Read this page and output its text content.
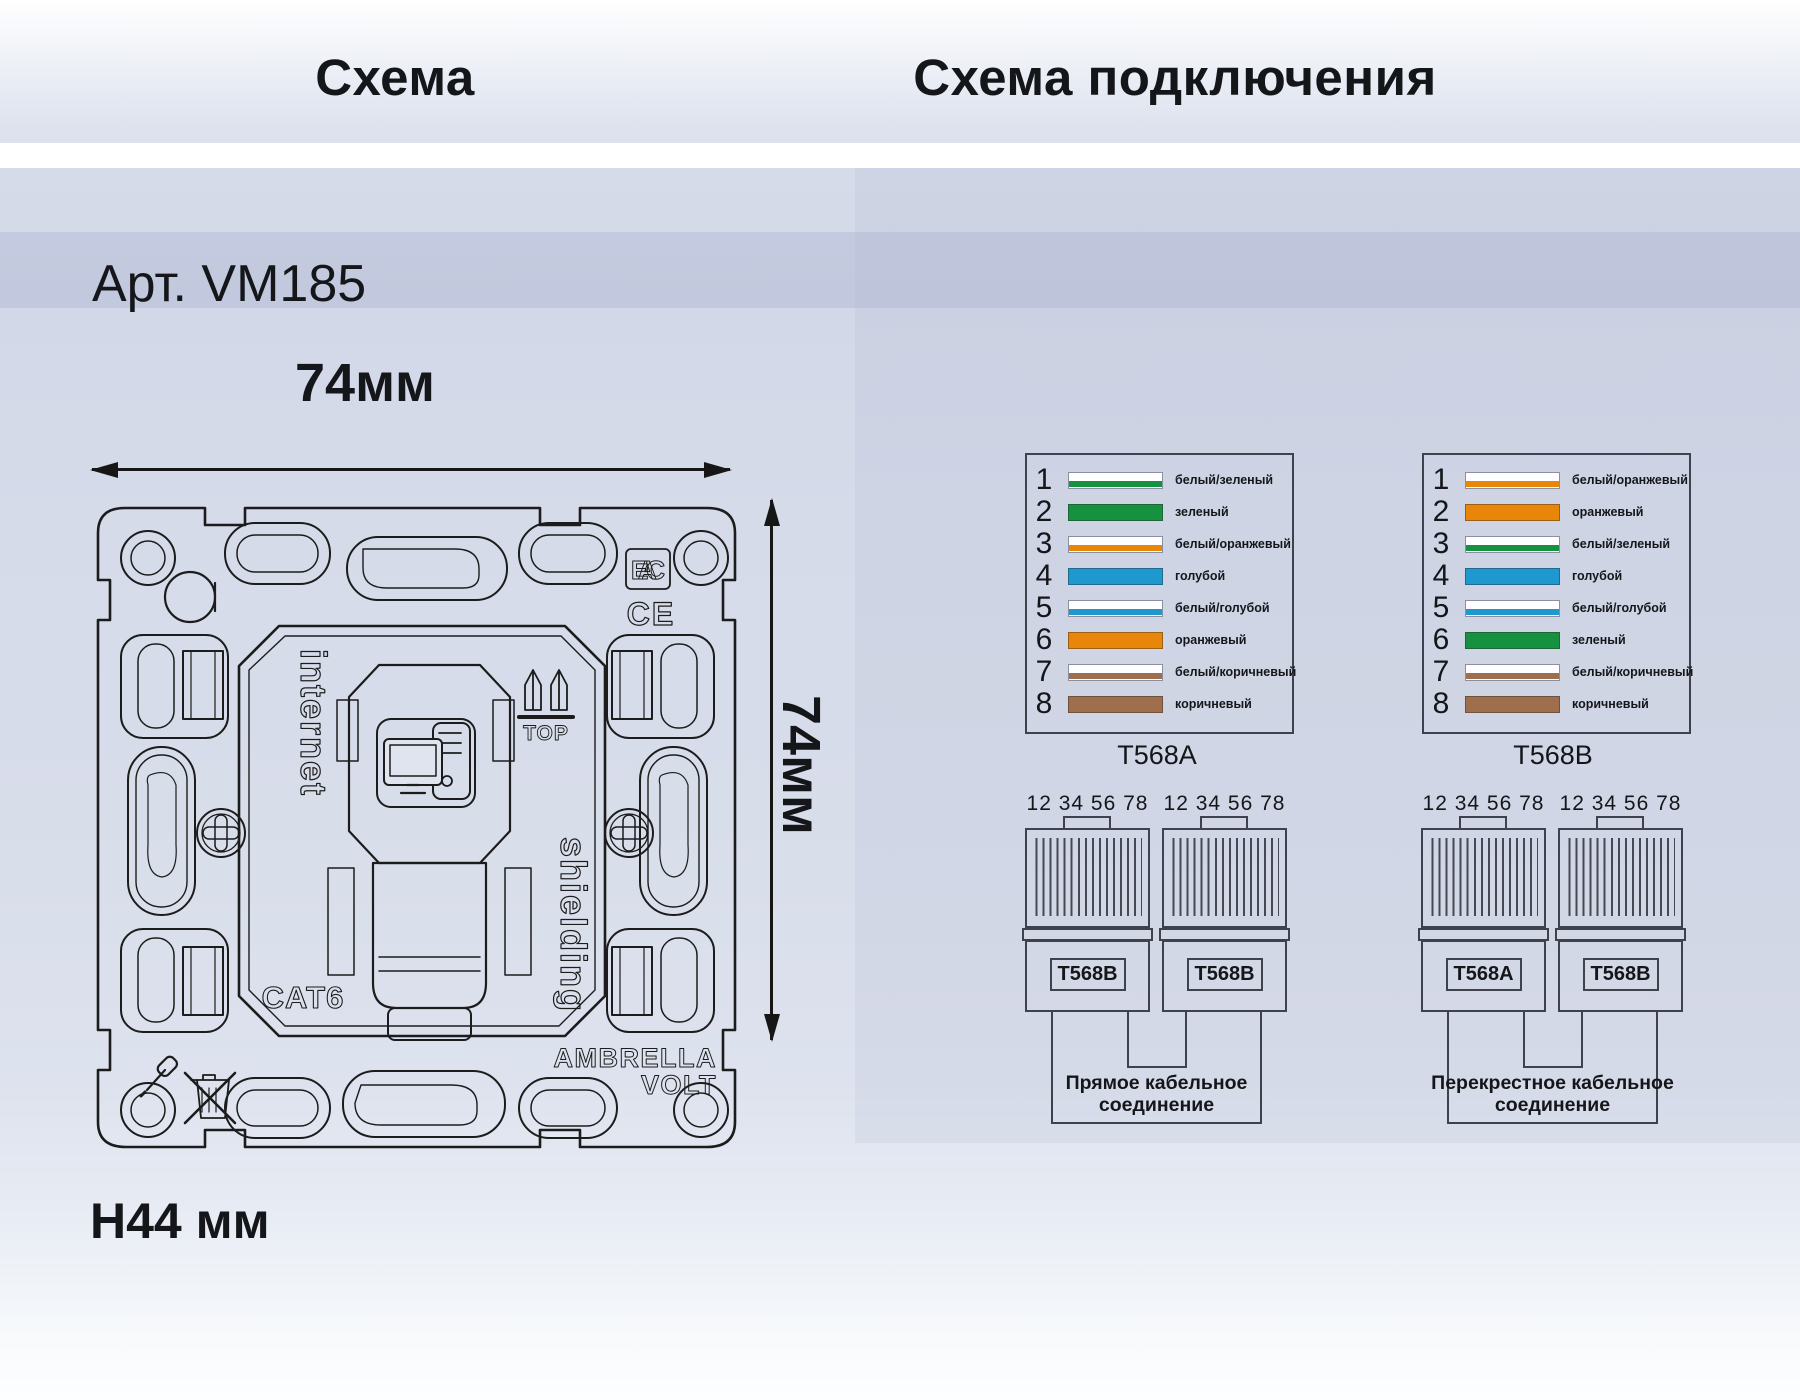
Схема	Схема подключения
Арт. VM185
74мм
74мм
H44 мм
EAC
CE
TOP
internet
shielding
CAT6
AMBRELLA
VOLT
1	белый/зеленый
2	зеленый
3	белый/оранжевый
4	голубой
5	белый/голубой
6	оранжевый
7	белый/коричневый
8	коричневый
T568A
1	белый/оранжевый
2	оранжевый
3	белый/зеленый
4	голубой
5	белый/голубой
6	зеленый
7	белый/коричневый
8	коричневый
T568B
12 34 56 78
T568B
12 34 56 78
T568B
Прямое кабельное
соединение
12 34 56 78
T568A
12 34 56 78
T568B
Перекрестное кабельное
соединение
